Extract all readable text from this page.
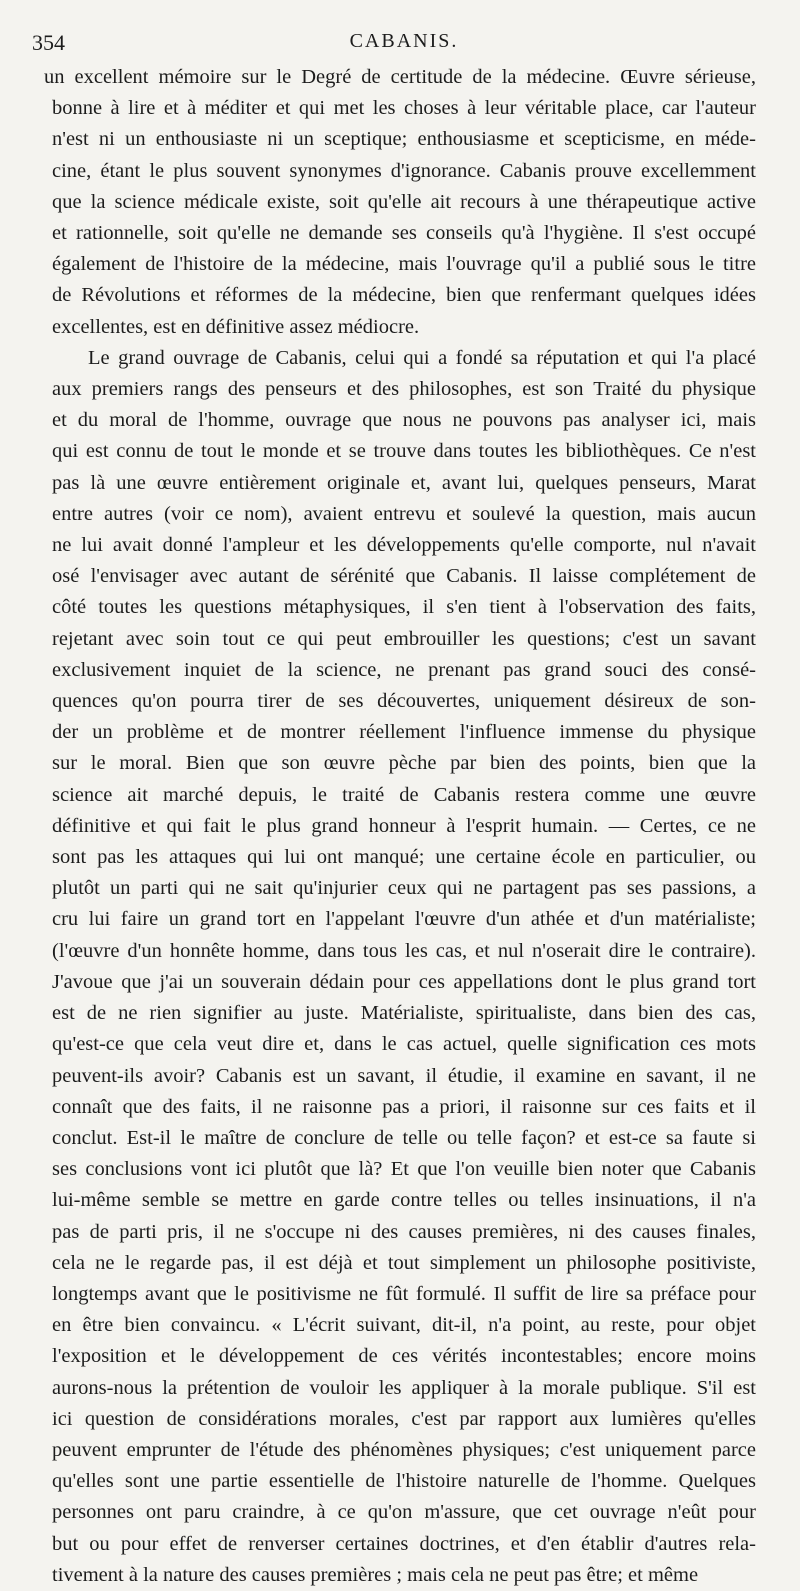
354	CABANIS.

un excellent mémoire sur le Degré de certitude de la médecine. Œuvre sérieuse,

bonne à lire et à méditer et qui met les choses à leur véritable place, car l'auteur

n'est ni un enthousiaste ni un sceptique; enthousiasme et scepticisme, en méde-

cine, étant le plus souvent synonymes d'ignorance. Cabanis prouve excellemment

que la science médicale existe, soit qu'elle ait recours à une thérapeutique active

et rationnelle, soit qu'elle ne demande ses conseils qu'à l'hygiène. Il s'est occupé

également de l'histoire de la médecine, mais l'ouvrage qu'il a publié sous le titre

de Révolutions et réformes de la médecine, bien que renfermant quelques idées

excellentes, est en définitive assez médiocre.

Le grand ouvrage de Cabanis, celui qui a fondé sa réputation et qui l'a placé

aux premiers rangs des penseurs et des philosophes, est son Traité du physique

et du moral de l'homme, ouvrage que nous ne pouvons pas analyser ici, mais

qui est connu de tout le monde et se trouve dans toutes les bibliothèques. Ce n'est

pas là une œuvre entièrement originale et, avant lui, quelques penseurs, Marat

entre autres (voir ce nom), avaient entrevu et soulevé la question, mais aucun

ne lui avait donné l'ampleur et les développements qu'elle comporte, nul n'avait

osé l'envisager avec autant de sérénité que Cabanis. Il laisse complétement de

côté toutes les questions métaphysiques, il s'en tient à l'observation des faits,

rejetant avec soin tout ce qui peut embrouiller les questions; c'est un savant

exclusivement inquiet de la science, ne prenant pas grand souci des consé-

quences qu'on pourra tirer de ses découvertes, uniquement désireux de son-

der un problème et de montrer réellement l'influence immense du physique

sur le moral. Bien que son œuvre pèche par bien des points, bien que la

science ait marché depuis, le traité de Cabanis restera comme une œuvre

définitive et qui fait le plus grand honneur à l'esprit humain. — Certes, ce ne

sont pas les attaques qui lui ont manqué; une certaine école en particulier, ou

plutôt un parti qui ne sait qu'injurier ceux qui ne partagent pas ses passions, a

cru lui faire un grand tort en l'appelant l'œuvre d'un athée et d'un matérialiste;

(l'œuvre d'un honnête homme, dans tous les cas, et nul n'oserait dire le contraire).

J'avoue que j'ai un souverain dédain pour ces appellations dont le plus grand tort

est de ne rien signifier au juste. Matérialiste, spiritualiste, dans bien des cas,

qu'est-ce que cela veut dire et, dans le cas actuel, quelle signification ces mots

peuvent-ils avoir? Cabanis est un savant, il étudie, il examine en savant, il ne

connaît que des faits, il ne raisonne pas a priori, il raisonne sur ces faits et il

conclut. Est-il le maître de conclure de telle ou telle façon? et est-ce sa faute si

ses conclusions vont ici plutôt que là? Et que l'on veuille bien noter que Cabanis

lui-même semble se mettre en garde contre telles ou telles insinuations, il n'a

pas de parti pris, il ne s'occupe ni des causes premières, ni des causes finales,

cela ne le regarde pas, il est déjà et tout simplement un philosophe positiviste,

longtemps avant que le positivisme ne fût formulé. Il suffit de lire sa préface pour

en être bien convaincu. « L'écrit suivant, dit-il, n'a point, au reste, pour objet

l'exposition et le développement de ces vérités incontestables; encore moins

aurons-nous la prétention de vouloir les appliquer à la morale publique. S'il est

ici question de considérations morales, c'est par rapport aux lumières qu'elles

peuvent emprunter de l'étude des phénomènes physiques; c'est uniquement parce

qu'elles sont une partie essentielle de l'histoire naturelle de l'homme. Quelques

personnes ont paru craindre, à ce qu'on m'assure, que cet ouvrage n'eût pour

but ou pour effet de renverser certaines doctrines, et d'en établir d'autres rela-

tivement à la nature des causes premières ; mais cela ne peut pas être; et même
